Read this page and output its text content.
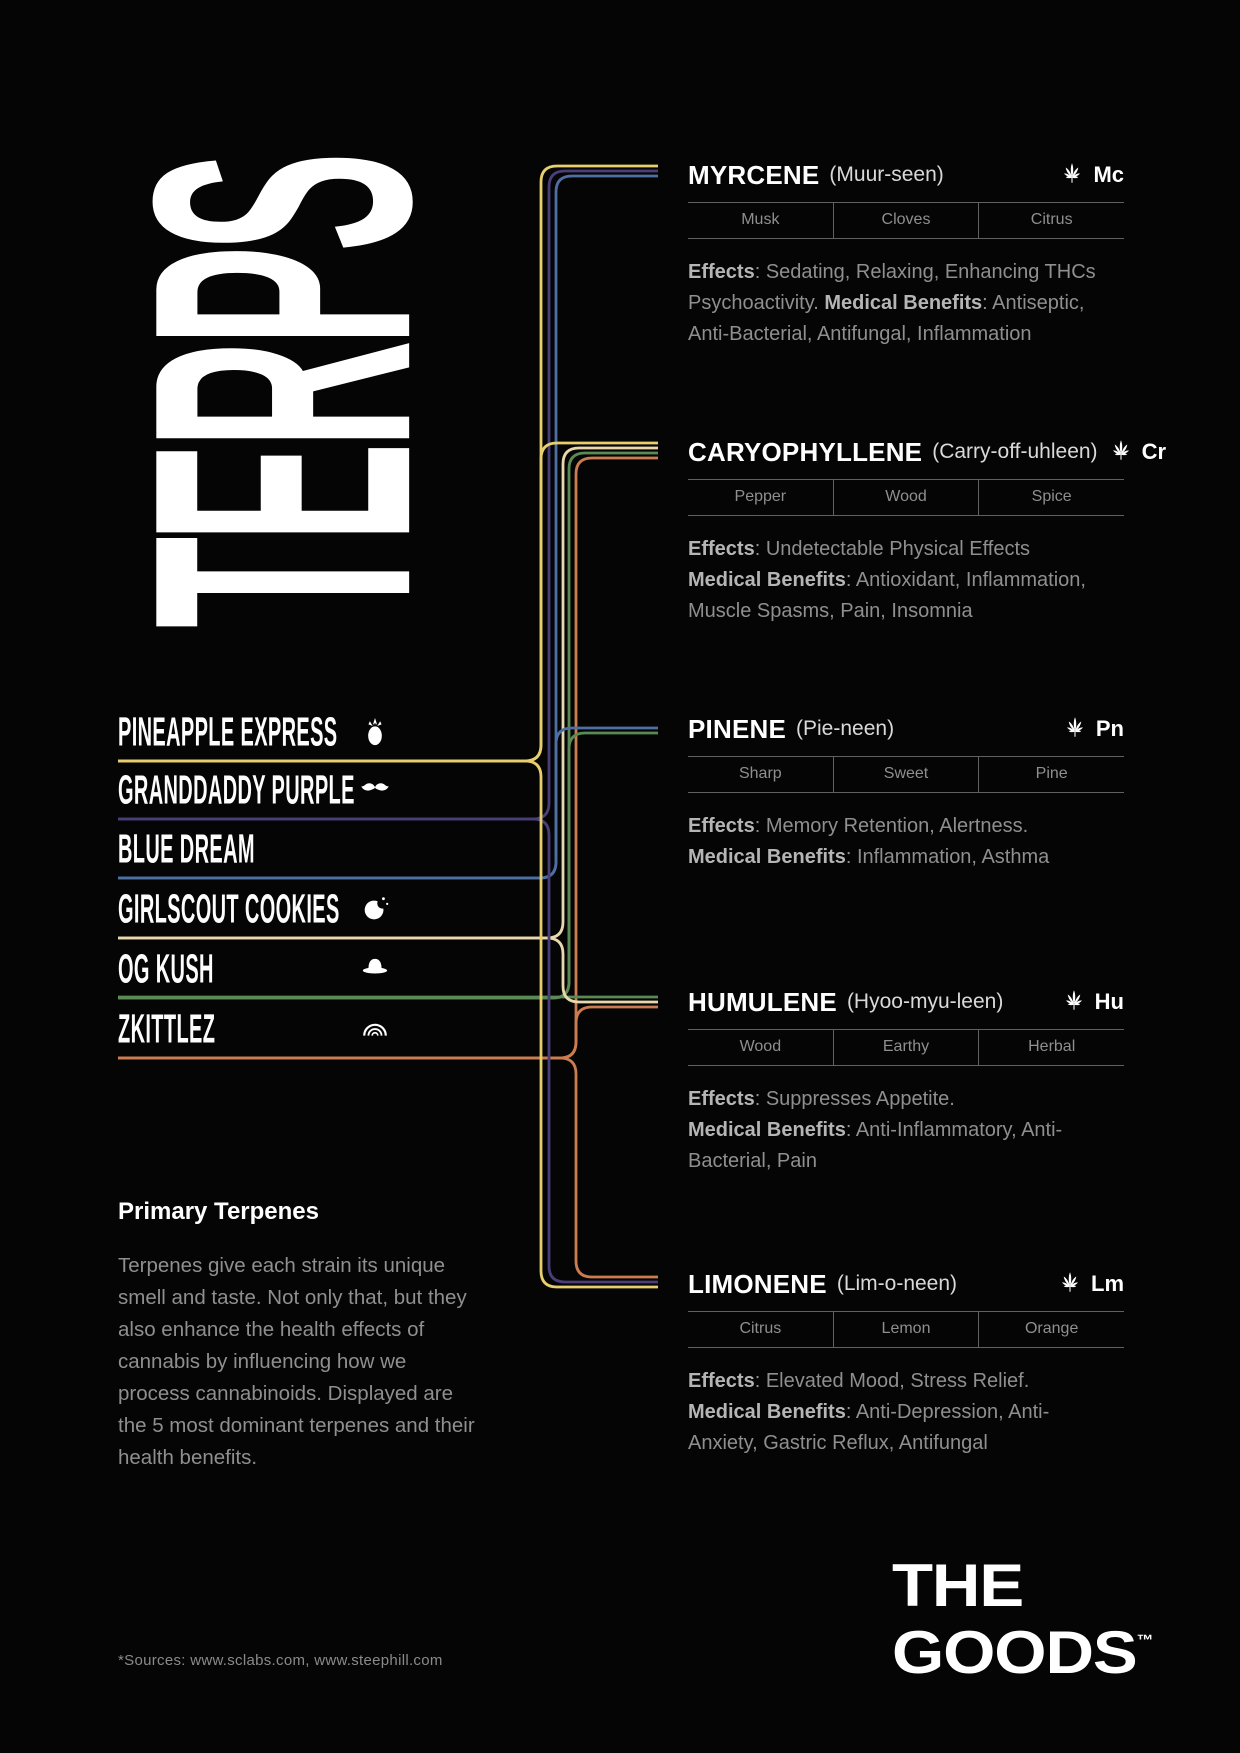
TERPS
PINEAPPLE EXPRESS
GRANDDADDY PURPLE
BLUE DREAM
GIRLSCOUT COOKIES
OG KUSH
ZKITTLEZ
MYRCENE (Muur-seen)	Mc
Musk	Cloves	Citrus

Effects: Sedating, Relaxing, Enhancing THCs Psychoactivity. Medical Benefits: Antiseptic, Anti-Bacterial, Antifungal, Inflammation

CARYOPHYLLENE (Carry-off-uhleen) Cr
Pepper	Wood	Spice

Effects: Undetectable Physical Effects
Medical Benefits: Antioxidant, Inflammation, Muscle Spasms, Pain, Insomnia

PINENE (Pie-neen)	Pn
Sharp	Sweet	Pine

Effects: Memory Retention, Alertness.
Medical Benefits: Inflammation, Asthma

HUMULENE (Hyoo-myu-leen)	Hu
Wood	Earthy	Herbal

Effects: Suppresses Appetite.
Medical Benefits: Anti-Inflammatory, Anti-Bacterial, Pain

LIMONENE (Lim-o-neen)	Lm
Citrus	Lemon	Orange

Effects: Elevated Mood, Stress Relief.
Medical Benefits: Anti-Depression, Anti-Anxiety, Gastric Reflux, Antifungal

Primary Terpenes

Terpenes give each strain its unique smell and taste. Not only that, but they also enhance the health effects of cannabis by influencing how we process cannabinoids. Displayed are the 5 most dominant terpenes and their health benefits.

*Sources: www.sclabs.com, www.steephill.com
THE
GOODS™
